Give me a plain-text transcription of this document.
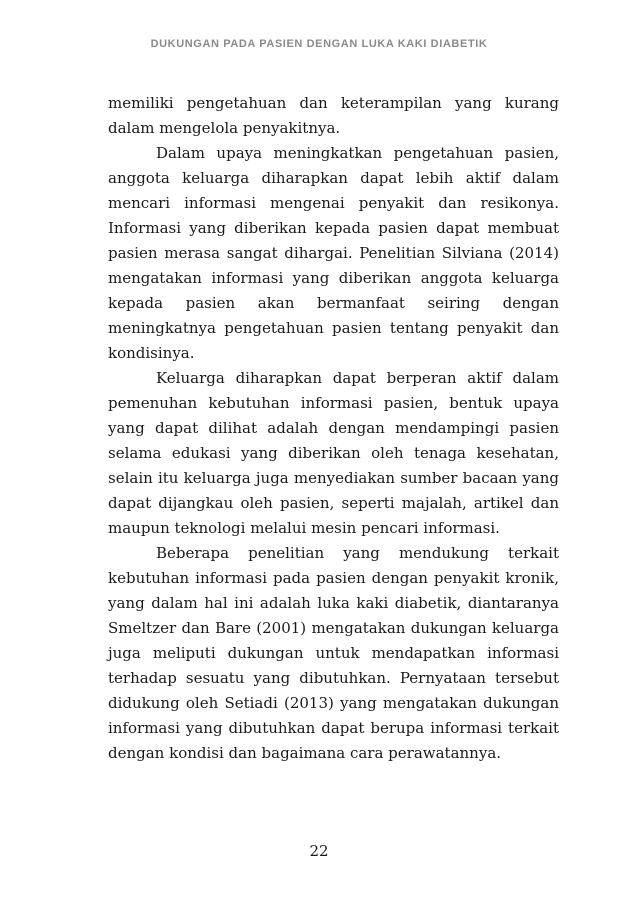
DUKUNGAN PADA PASIEN DENGAN LUKA KAKI DIABETIK

memiliki pengetahuan dan keterampilan yang kurang dalam mengelola penyakitnya.

Dalam upaya meningkatkan pengetahuan pasien, anggota keluarga diharapkan dapat lebih aktif dalam mencari informasi mengenai penyakit dan resikonya. Informasi yang diberikan kepada pasien dapat membuat pasien merasa sangat dihargai. Penelitian Silviana (2014) mengatakan informasi yang diberikan anggota keluarga kepada pasien akan bermanfaat seiring dengan meningkatnya pengetahuan pasien tentang penyakit dan kondisinya.

Keluarga diharapkan dapat berperan aktif dalam pemenuhan kebutuhan informasi pasien, bentuk upaya yang dapat dilihat adalah dengan mendampingi pasien selama edukasi yang diberikan oleh tenaga kesehatan, selain itu keluarga juga menyediakan sumber bacaan yang dapat dijangkau oleh pasien, seperti majalah, artikel dan maupun teknologi melalui mesin pencari informasi.

Beberapa penelitian yang mendukung terkait kebutuhan informasi pada pasien dengan penyakit kronik, yang dalam hal ini adalah luka kaki diabetik, diantaranya Smeltzer dan Bare (2001) mengatakan dukungan keluarga juga meliputi dukungan untuk mendapatkan informasi terhadap sesuatu yang dibutuhkan. Pernyataan tersebut didukung oleh Setiadi (2013) yang mengatakan dukungan informasi yang dibutuhkan dapat berupa informasi terkait dengan kondisi dan bagaimana cara perawatannya.

22
